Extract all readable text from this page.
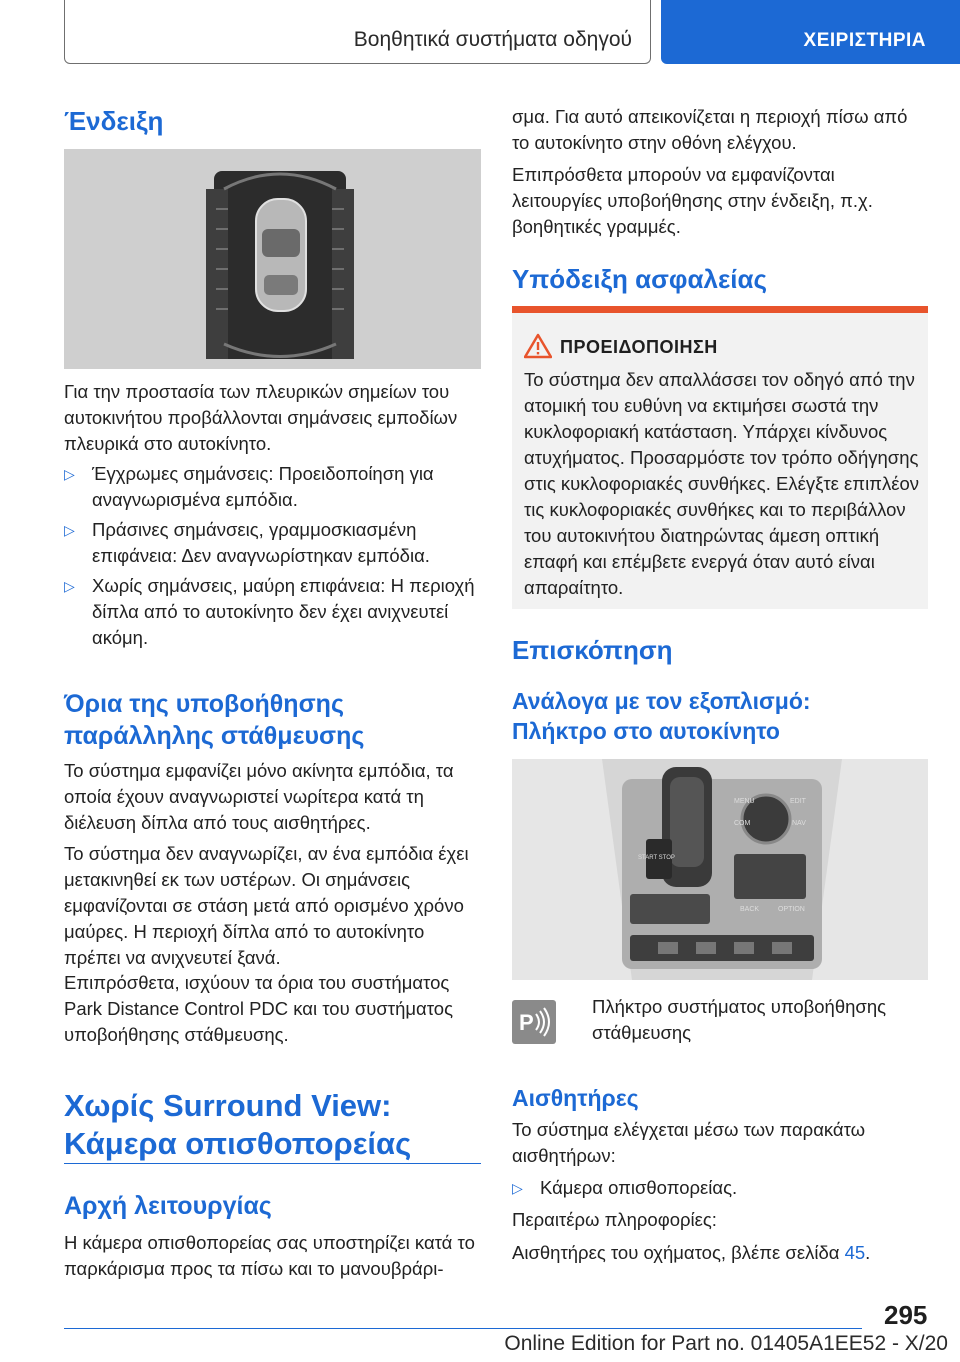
Βοηθητικά συστήματα οδηγού	ΧΕΙΡΙΣΤΗΡΙΑ
Ένδειξη
Για την προστασία των πλευρικών σημείων του αυτοκινήτου προβάλλονται σημάνσεις εμποδίων πλευρικά στο αυτοκίνητο.
▷ Έγχρωμες σημάνσεις: Προειδοποίηση για αναγνωρισμένα εμπόδια.
▷ Πράσινες σημάνσεις, γραμμοσκιασμένη επιφάνεια: Δεν αναγνωρίστηκαν εμπόδια.
▷ Χωρίς σημάνσεις, μαύρη επιφάνεια: Η περιοχή δίπλα από το αυτοκίνητο δεν έχει ανιχνευτεί ακόμη.
Όρια της υποβοήθησης παράλληλης στάθμευσης
Το σύστημα εμφανίζει μόνο ακίνητα εμπόδια, τα οποία έχουν αναγνωριστεί νωρίτερα κατά τη διέλευση δίπλα από τους αισθητήρες.
Το σύστημα δεν αναγνωρίζει, αν ένα εμπόδια έχει μετακινηθεί εκ των υστέρων. Οι σημάνσεις εμφανίζονται σε στάση μετά από ορισμένο χρόνο μαύρες. Η περιοχή δίπλα από το αυτοκίνητο πρέπει να ανιχνευτεί ξανά.
Επιπρόσθετα, ισχύουν τα όρια του συστήματος Park Distance Control PDC και του συστήματος υποβοήθησης στάθμευσης.
Χωρίς Surround View:
Κάμερα οπισθοπορείας
Αρχή λειτουργίας
Η κάμερα οπισθοπορείας σας υποστηρίζει κατά το παρκάρισμα προς τα πίσω και το μανουβράρι-
σμα. Για αυτό απεικονίζεται η περιοχή πίσω από το αυτοκίνητο στην οθόνη ελέγχου.
Επιπρόσθετα μπορούν να εμφανίζονται λειτουργίες υποβοήθησης στην ένδειξη, π.χ. βοηθητικές γραμμές.
Υπόδειξη ασφαλείας
ΠΡΟΕΙΔΟΠΟΙΗΣΗ
Το σύστημα δεν απαλλάσσει τον οδηγό από την ατομική του ευθύνη να εκτιμήσει σωστά την κυκλοφοριακή κατάσταση. Υπάρχει κίνδυνος ατυχήματος. Προσαρμόστε τον τρόπο οδήγησης στις κυκλοφοριακές συνθήκες. Ελέγξτε επιπλέον τις κυκλοφοριακές συνθήκες και το περιβάλλον του αυτοκινήτου διατηρώντας άμεση οπτική επαφή και επέμβετε ενεργά όταν αυτό είναι απαραίτητο.
Επισκόπηση
Ανάλογα με τον εξοπλισμό:
Πλήκτρο στο αυτοκίνητο
MENU	EDIT
COM	NAV
BACK	OPTION
START STOP
P
Πλήκτρο συστήματος υποβοήθησης στάθμευσης
Αισθητήρες
Το σύστημα ελέγχεται μέσω των παρακάτω αισθητήρων:
▷ Κάμερα οπισθοπορείας.
Περαιτέρω πληροφορίες:
Αισθητήρες του οχήματος, βλέπε σελίδα 45.
295
Online Edition for Part no. 01405A1EE52 - X/20
